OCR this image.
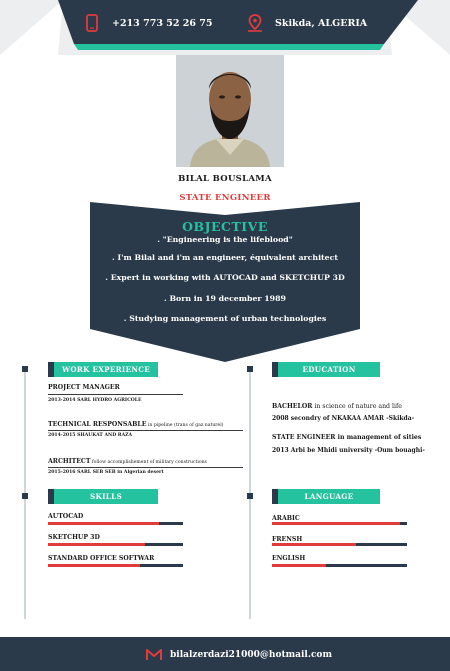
+213 773 52 26 75	Skikda, ALGERIA
BILAL BOUSLAMA
STATE ENGINEER
OBJECTIVE
. "Engineering is the lifeblood"
. I'm Bilal and i'm an engineer, équivalent architect
. Expert in working with AUTOCAD and SKETCHUP 3D
. Born in 19 december 1989
. Studying management of urban technologies
WORK EXPERIENCE
PROJECT MANAGER
2013-2014 SARL HYDRO AGRICOLE
TECHNICAL RESPONSABLE in pipeline (trans of gaz naturel)
2014-2015 SHAUKAT AND RAZA
ARCHITECT follow accomplishement of military constructions
2015-2016 SARL SEB SEB in Algerian desert
EDUCATION
BACHELOR in science of nature and life
2008 secondry of NKAKAA AMAR -Skikda-
STATE ENGINEER in management of sities
2013 Arbi be Mhidi university -Oum bouaghi-
SKILLS
AUTOCAD
SKETCHUP 3D
STANDARD OFFICE SOFTWAR
LANGUAGE
ARABIC
FRENSH
ENGLISH
bilalzerdazi21000@hotmail.com
